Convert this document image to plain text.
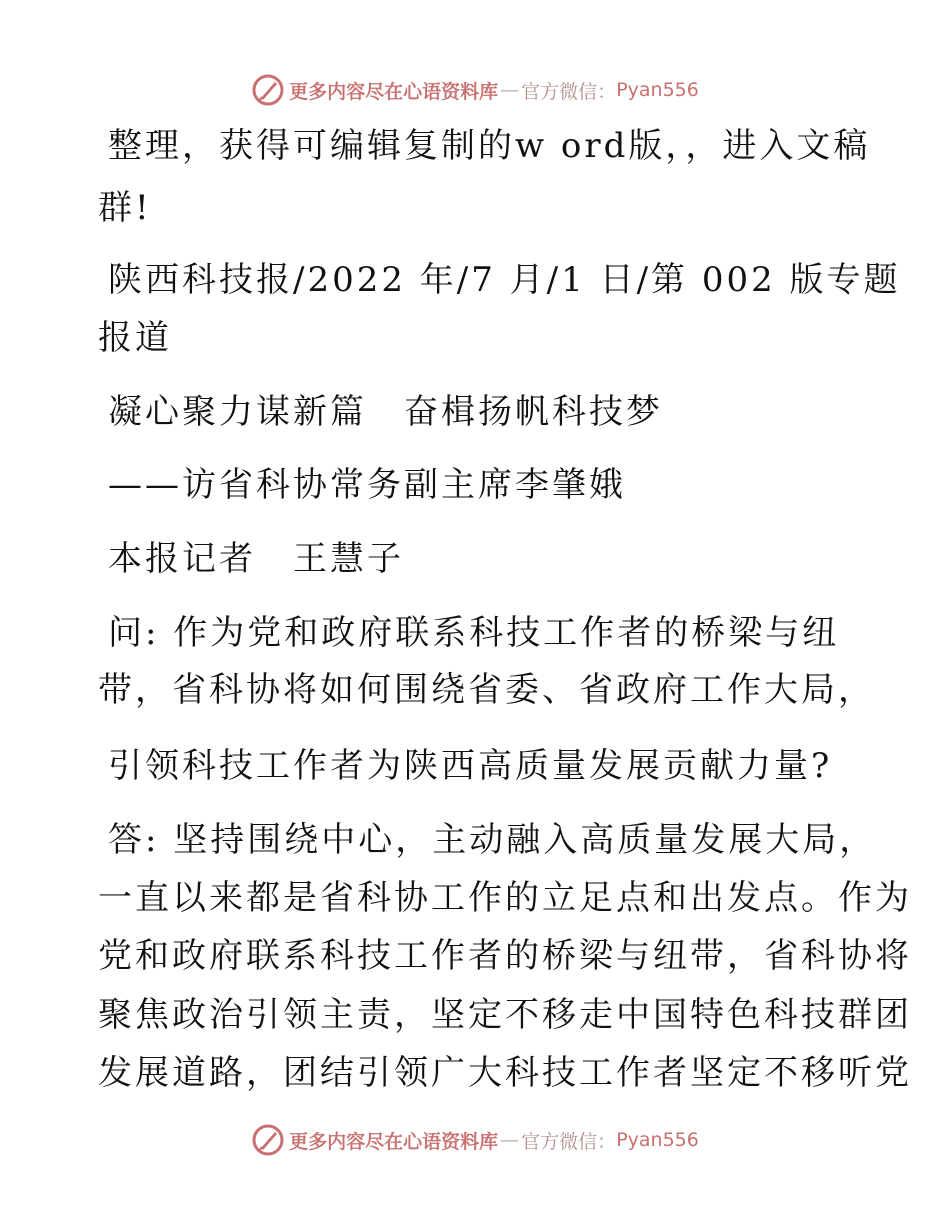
更多内容尽在心语资料库 — 官方微信： Pyan556
整理，获得可编辑复制的w ord版，，进入文稿
群!
陕西科技报/2022 年/7 月/1 日/第 002 版专题
报道
凝心聚力谋新篇　奋楫扬帆科技梦
——访省科协常务副主席李肇娥
本报记者　王慧子
问: 作为党和政府联系科技工作者的桥梁与纽
带，省科协将如何围绕省委、省政府工作大局，
引领科技工作者为陕西高质量发展贡献力量?
答: 坚持围绕中心，主动融入高质量发展大局，
一直以来都是省科协工作的立足点和出发点。作为
党和政府联系科技工作者的桥梁与纽带，省科协将
聚焦政治引领主责，坚定不移走中国特色科技群团
发展道路，团结引领广大科技工作者坚定不移听党
更多内容尽在心语资料库 — 官方微信： Pyan556
